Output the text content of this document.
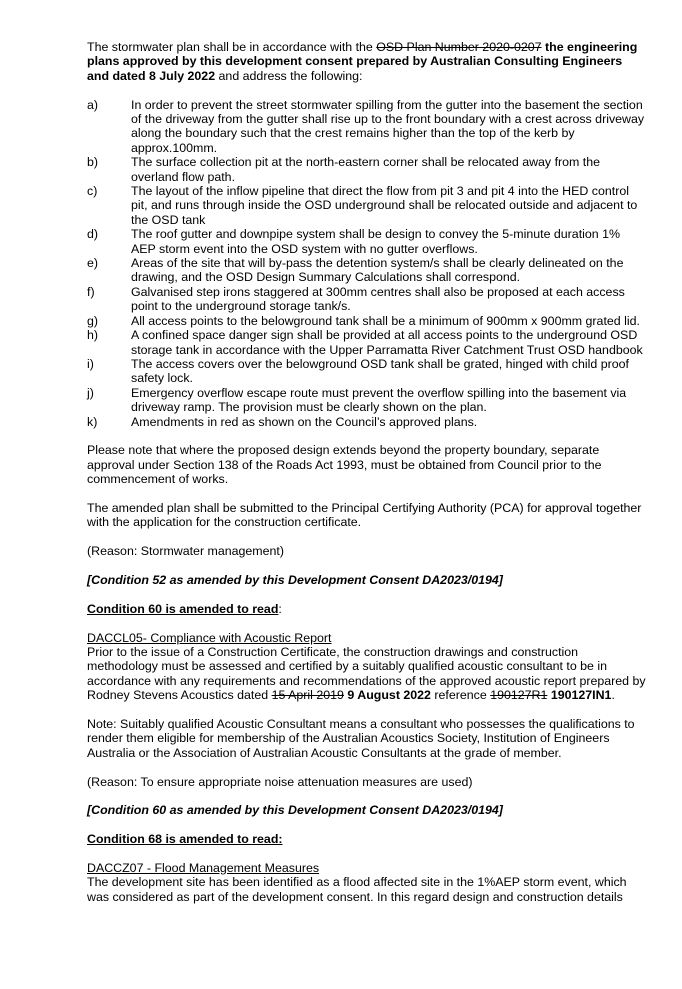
The stormwater plan shall be in accordance with the OSD Plan Number 2020-0207 the engineering plans approved by this development consent prepared by Australian Consulting Engineers and dated 8 July 2022 and address the following:

a)	In order to prevent the street stormwater spilling from the gutter into the basement the section of the driveway from the gutter shall rise up to the front boundary with a crest across driveway along the boundary such that the crest remains higher than the top of the kerb by approx.100mm.
b)	The surface collection pit at the north-eastern corner shall be relocated away from the overland flow path.
c)	The layout of the inflow pipeline that direct the flow from pit 3 and pit 4 into the HED control pit, and runs through inside the OSD underground shall be relocated outside and adjacent to the OSD tank
d)	The roof gutter and downpipe system shall be design to convey the 5-minute duration 1% AEP storm event into the OSD system with no gutter overflows.
e)	Areas of the site that will by-pass the detention system/s shall be clearly delineated on the drawing, and the OSD Design Summary Calculations shall correspond.
f)	Galvanised step irons staggered at 300mm centres shall also be proposed at each access point to the underground storage tank/s.
g)	All access points to the belowground tank shall be a minimum of 900mm x 900mm grated lid.
h)	A confined space danger sign shall be provided at all access points to the underground OSD storage tank in accordance with the Upper Parramatta River Catchment Trust OSD handbook
i)	The access covers over the belowground OSD tank shall be grated, hinged with child proof safety lock.
j)	Emergency overflow escape route must prevent the overflow spilling into the basement via driveway ramp. The provision must be clearly shown on the plan.
k)	Amendments in red as shown on the Council’s approved plans.

Please note that where the proposed design extends beyond the property boundary, separate approval under Section 138 of the Roads Act 1993, must be obtained from Council prior to the commencement of works.

The amended plan shall be submitted to the Principal Certifying Authority (PCA) for approval together with the application for the construction certificate.

(Reason: Stormwater management)

[Condition 52 as amended by this Development Consent DA2023/0194]

Condition 60 is amended to read:

DACCL05- Compliance with Acoustic Report

Prior to the issue of a Construction Certificate, the construction drawings and construction methodology must be assessed and certified by a suitably qualified acoustic consultant to be in accordance with any requirements and recommendations of the approved acoustic report prepared by Rodney Stevens Acoustics dated 15 April 2019 9 August 2022 reference 190127R1 190127IN1.

Note: Suitably qualified Acoustic Consultant means a consultant who possesses the qualifications to render them eligible for membership of the Australian Acoustics Society, Institution of Engineers Australia or the Association of Australian Acoustic Consultants at the grade of member.

(Reason: To ensure appropriate noise attenuation measures are used)

[Condition 60 as amended by this Development Consent DA2023/0194]

Condition 68 is amended to read:

DACCZ07 - Flood Management Measures

The development site has been identified as a flood affected site in the 1%AEP storm event, which was considered as part of the development consent. In this regard design and construction details
